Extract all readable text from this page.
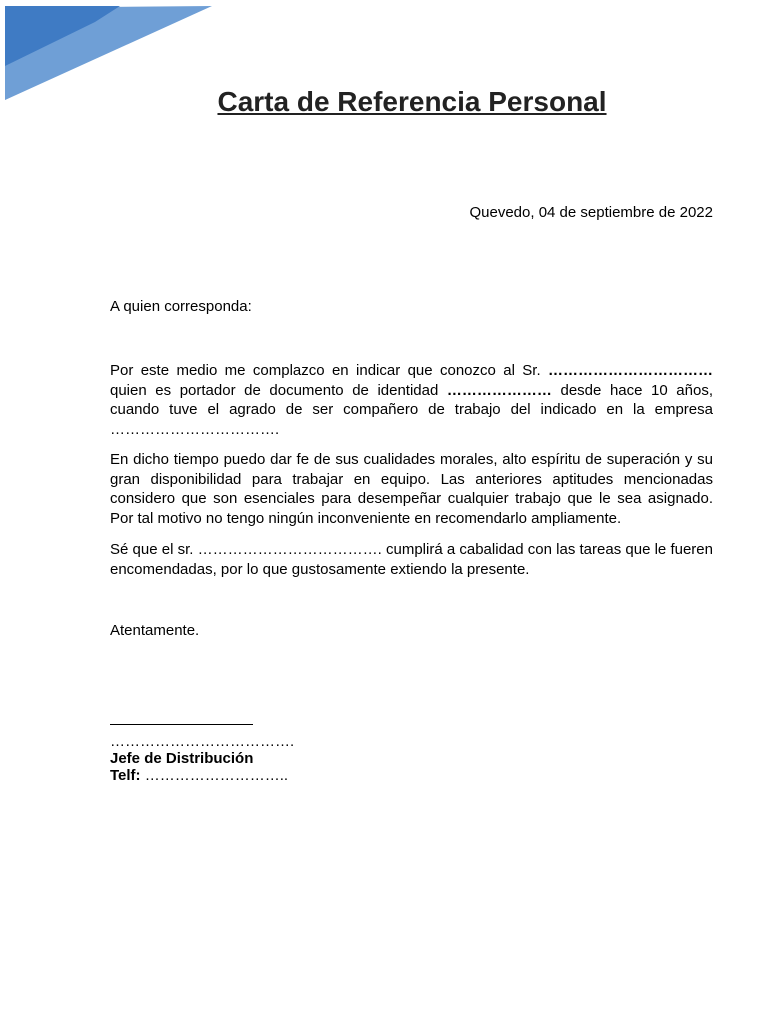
Carta de Referencia Personal
Quevedo, 04 de septiembre de 2022
A quien corresponda:

Por este medio me complazco en indicar que conozco al Sr. …………………………… quien es portador de documento de identidad ………………… desde hace 10 años, cuando tuve el agrado de ser compañero de trabajo del indicado en la empresa …………………………….

En dicho tiempo puedo dar fe de sus cualidades morales, alto espíritu de superación y su gran disponibilidad para trabajar en equipo. Las anteriores aptitudes mencionadas considero que son esenciales para desempeñar cualquier trabajo que le sea asignado. Por tal motivo no tengo ningún inconveniente en recomendarlo ampliamente.

Sé que el sr. ………………………………. cumplirá a cabalidad con las tareas que le fueren encomendadas, por lo que gustosamente extiendo la presente.

Atentamente.
……………………………….
Jefe de Distribución
Telf: ………………………..
